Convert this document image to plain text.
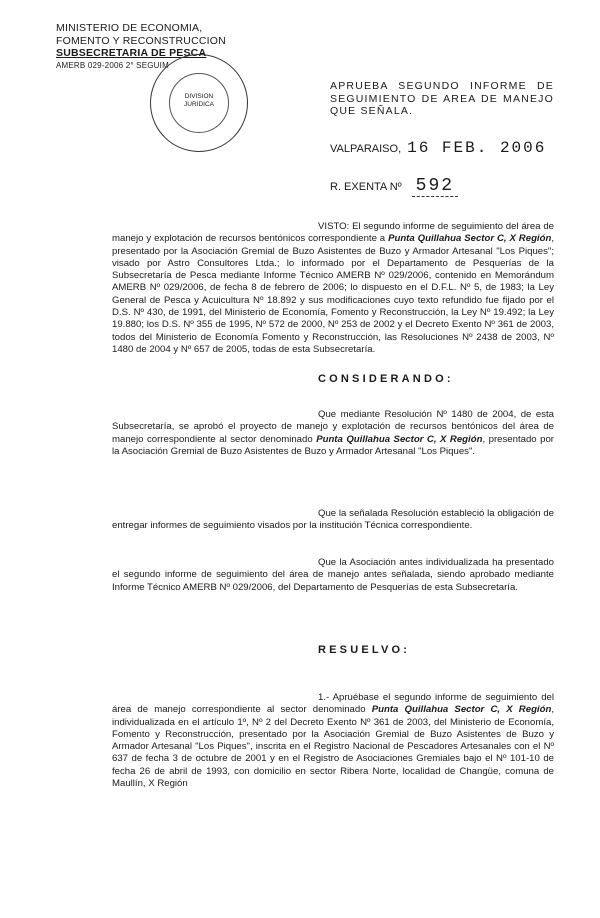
MINISTERIO DE ECONOMIA,
FOMENTO Y RECONSTRUCCION
SUBSECRETARIA DE PESCA
AMERB 029-2006 2° SEGUIM
DIVISION
JURIDICA
APRUEBA SEGUNDO INFORME DE SEGUIMIENTO DE AREA DE MANEJO QUE SEÑALA.
VALPARAISO, 16 FEB. 2006
R. EXENTA Nº 592

VISTO: El segundo informe de seguimiento del área de manejo y explotación de recursos bentónicos correspondiente a Punta Quillahua Sector C, X Región, presentado por la Asociación Gremial de Buzo Asistentes de Buzo y Armador Artesanal "Los Piques"; visado por Astro Consultores Ltda.; lo informado por el Departamento de Pesquerías de la Subsecretaría de Pesca mediante Informe Técnico AMERB Nº 029/2006, contenido en Memorándum AMERB Nº 029/2006, de fecha 8 de febrero de 2006; lo dispuesto en el D.F.L. Nº 5, de 1983; la Ley General de Pesca y Acuicultura Nº 18.892 y sus modificaciones cuyo texto refundido fue fijado por el D.S. Nº 430, de 1991, del Ministerio de Economía, Fomento y Reconstrucción, la Ley Nº 19.492; la Ley 19.880; los D.S. Nº 355 de 1995, Nº 572 de 2000, Nº 253 de 2002 y el Decreto Exento Nº 361 de 2003, todos del Ministerio de Economía Fomento y Reconstrucción, las Resoluciones Nº 2438 de 2003, Nº 1480 de 2004 y Nº 657 de 2005, todas de esta Subsecretaría.

CONSIDERANDO:

Que mediante Resolución Nº 1480 de 2004, de esta Subsecretaría, se aprobó el proyecto de manejo y explotación de recursos bentónicos del área de manejo correspondiente al sector denominado Punta Quillahua Sector C, X Región, presentado por la Asociación Gremial de Buzo Asistentes de Buzo y Armador Artesanal "Los Piques".

Que la señalada Resolución estableció la obligación de entregar informes de seguimiento visados por la institución Técnica correspondiente.

Que la Asociación antes individualizada ha presentado el segundo informe de seguimiento del área de manejo antes señalada, siendo aprobado mediante Informe Técnico AMERB Nº 029/2006, del Departamento de Pesquerías de esta Subsecretaría.

RESUELVO:

1.- Apruébase el segundo informe de seguimiento del área de manejo correspondiente al sector denominado Punta Quillahua Sector C, X Región, individualizada en el artículo 1º, Nº 2 del Decreto Exento Nº 361 de 2003, del Ministerio de Economía, Fomento y Reconstrucción, presentado por la Asociación Gremial de Buzo Asistentes de Buzo y Armador Artesanal "Los Piques", inscrita en el Registro Nacional de Pescadores Artesanales con el Nº 637 de fecha 3 de octubre de 2001 y en el Registro de Asociaciones Gremiales bajo el Nº 101-10 de fecha 26 de abril de 1993, con domicilio en sector Ribera Norte, localidad de Changüe, comuna de Maullín, X Región
